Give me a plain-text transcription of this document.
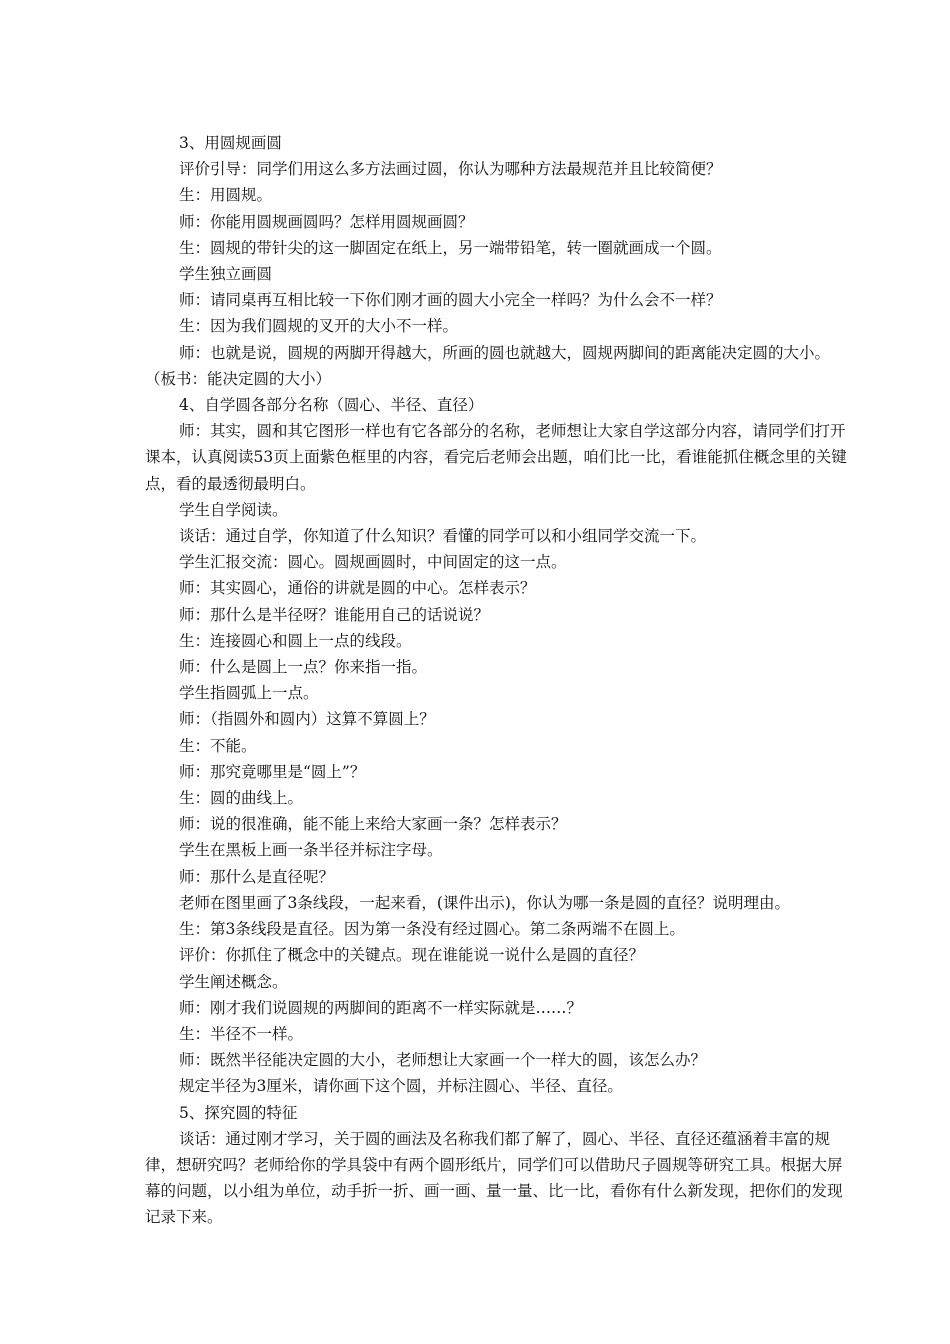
3、用圆规画圆

评价引导：同学们用这么多方法画过圆，你认为哪种方法最规范并且比较简便？

生：用圆规。

师：你能用圆规画圆吗？怎样用圆规画圆？

生：圆规的带针尖的这一脚固定在纸上，另一端带铅笔，转一圈就画成一个圆。

学生独立画圆

师：请同桌再互相比较一下你们刚才画的圆大小完全一样吗？为什么会不一样？

生：因为我们圆规的叉开的大小不一样。

师：也就是说，圆规的两脚开得越大，所画的圆也就越大，圆规两脚间的距离能决定圆的大小。（板书：能决定圆的大小）

4、自学圆各部分名称（圆心、半径、直径）

师：其实，圆和其它图形一样也有它各部分的名称，老师想让大家自学这部分内容，请同学们打开课本，认真阅读53页上面紫色框里的内容，看完后老师会出题，咱们比一比，看谁能抓住概念里的关键点，看的最透彻最明白。

学生自学阅读。

谈话：通过自学，你知道了什么知识？看懂的同学可以和小组同学交流一下。

学生汇报交流：圆心。圆规画圆时，中间固定的这一点。

师：其实圆心，通俗的讲就是圆的中心。怎样表示？

师：那什么是半径呀？谁能用自己的话说说？

生：连接圆心和圆上一点的线段。

师：什么是圆上一点？你来指一指。

学生指圆弧上一点。

师：（指圆外和圆内）这算不算圆上？

生：不能。

师：那究竟哪里是“圆上”？

生：圆的曲线上。

师：说的很准确，能不能上来给大家画一条？怎样表示？

学生在黑板上画一条半径并标注字母。

师：那什么是直径呢？

老师在图里画了3条线段，一起来看，(课件出示)，你认为哪一条是圆的直径？说明理由。

生：第3条线段是直径。因为第一条没有经过圆心。第二条两端不在圆上。

评价：你抓住了概念中的关键点。现在谁能说一说什么是圆的直径？

学生阐述概念。

师：刚才我们说圆规的两脚间的距离不一样实际就是……？

生：半径不一样。

师：既然半径能决定圆的大小，老师想让大家画一个一样大的圆，该怎么办？

规定半径为3厘米，请你画下这个圆，并标注圆心、半径、直径。

5、探究圆的特征

谈话：通过刚才学习，关于圆的画法及名称我们都了解了，圆心、半径、直径还蕴涵着丰富的规律，想研究吗？老师给你的学具袋中有两个圆形纸片，同学们可以借助尺子圆规等研究工具。根据大屏幕的问题，以小组为单位，动手折一折、画一画、量一量、比一比，看你有什么新发现，把你们的发现记录下来。
